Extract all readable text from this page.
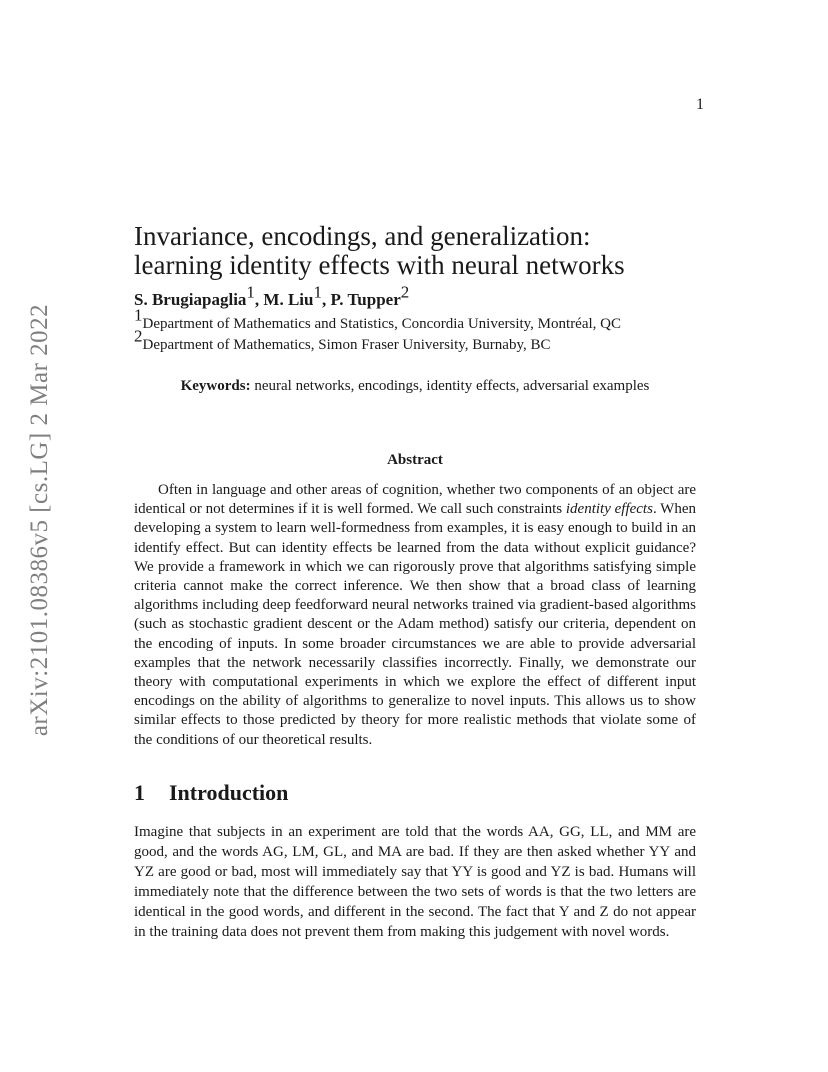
1
arXiv:2101.08386v5 [cs.LG] 2 Mar 2022
Invariance, encodings, and generalization:
learning identity effects with neural networks
S. Brugiapaglia$^1$, M. Liu$^1$, P. Tupper$^2$
$^1$Department of Mathematics and Statistics, Concordia University, Montréal, QC
$^2$Department of Mathematics, Simon Fraser University, Burnaby, BC
Keywords: neural networks, encodings, identity effects, adversarial examples
Abstract
Often in language and other areas of cognition, whether two components of an object are identical or not determines if it is well formed. We call such constraints identity effects. When developing a system to learn well-formedness from examples, it is easy enough to build in an identify effect. But can identity effects be learned from the data without explicit guidance? We provide a framework in which we can rigorously prove that algorithms satisfying simple criteria cannot make the correct inference. We then show that a broad class of learning algorithms including deep feedforward neural networks trained via gradient-based algorithms (such as stochastic gradient descent or the Adam method) satisfy our criteria, dependent on the encoding of inputs. In some broader circumstances we are able to provide adversarial examples that the network necessarily classifies incorrectly. Finally, we demonstrate our theory with computational experiments in which we explore the effect of different input encodings on the ability of algorithms to generalize to novel inputs. This allows us to show similar effects to those predicted by theory for more realistic methods that violate some of the conditions of our theoretical results.
1 Introduction
Imagine that subjects in an experiment are told that the words AA, GG, LL, and MM are good, and the words AG, LM, GL, and MA are bad. If they are then asked whether YY and YZ are good or bad, most will immediately say that YY is good and YZ is bad. Humans will immediately note that the difference between the two sets of words is that the two letters are identical in the good words, and different in the second. The fact that Y and Z do not appear in the training data does not prevent them from making this judgement with novel words.
